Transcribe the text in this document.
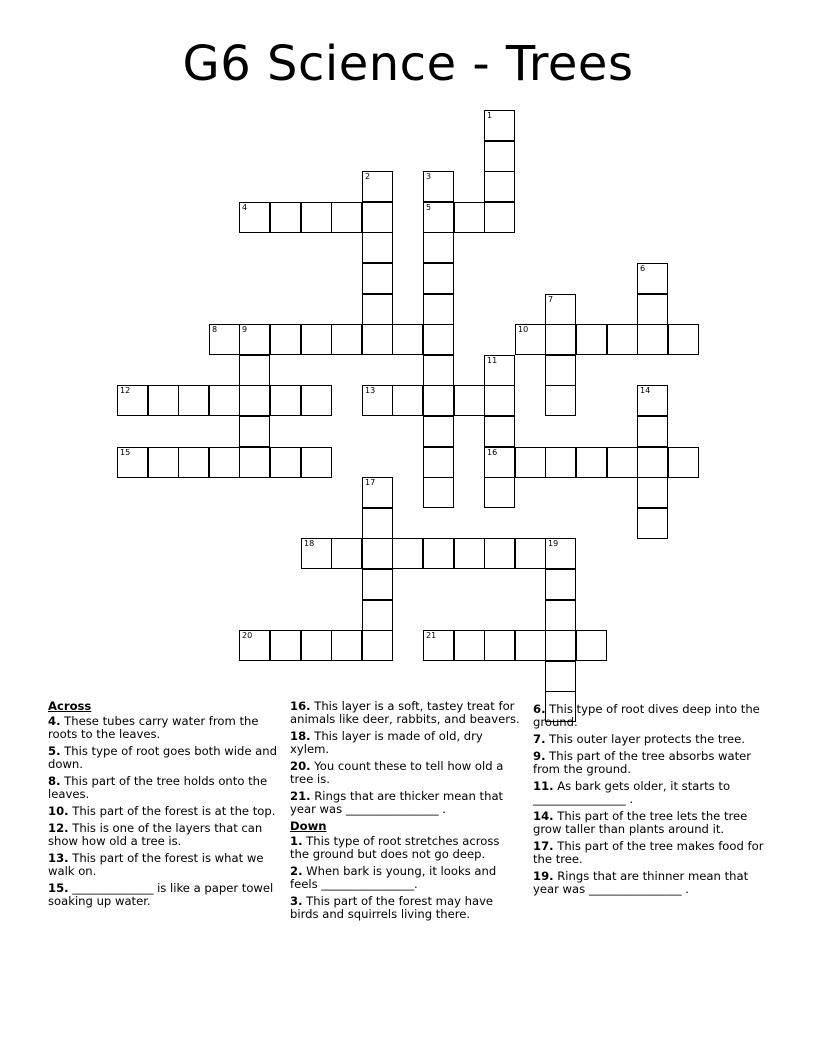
G6 Science - Trees
1
2	3
5
4
6
7
8	9	10
11
16
12	13	14
15
17
18	19
20	21

Across

4. These tubes carry water from the roots to the leaves.

5. This type of root goes both wide and down.

8. This part of the tree holds onto the leaves.

10. This part of the forest is at the top.

12. This is one of the layers that can show how old a tree is.

13. This part of the forest is what we walk on.

15. ______________ is like a paper towel soaking up water.

16. This layer is a soft, tastey treat for animals like deer, rabbits, and beavers.

18. This layer is made of old, dry xylem.

20. You count these to tell how old a tree is.

21. Rings that are thicker mean that year was ________________ .

Down

1. This type of root stretches across the ground but does not go deep.

2. When bark is young, it looks and feels ________________.

3. This part of the forest may have birds and squirrels living there.

6. This type of root dives deep into the ground.

7. This outer layer protects the tree.

9. This part of the tree absorbs water from the ground.

11. As bark gets older, it starts to ________________ .

14. This part of the tree lets the tree grow taller than plants around it.

17. This part of the tree makes food for the tree.

19. Rings that are thinner mean that year was ________________ .
